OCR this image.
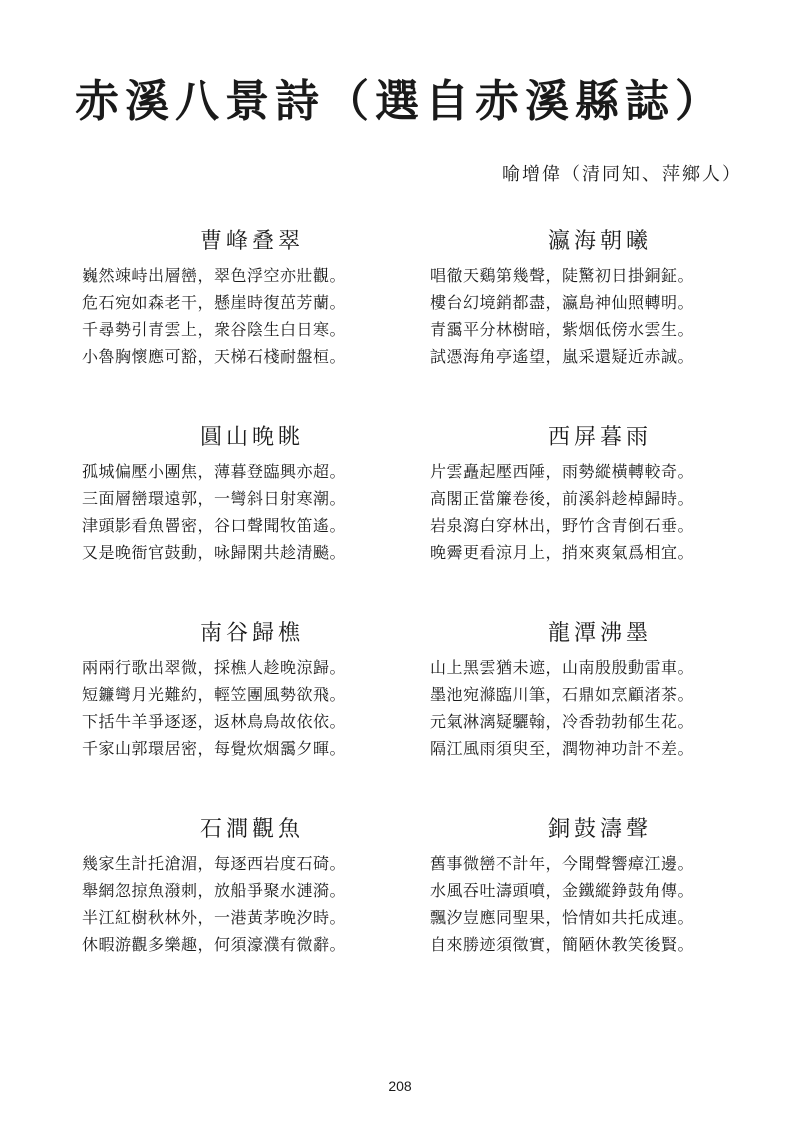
赤溪八景詩（選自赤溪縣誌）
喻增偉（清同知、萍鄉人）
曹峰叠翠
巍然竦峙出層巒，翠色浮空亦壯觀。
危石宛如森老干，懸崖時復茁芳蘭。
千尋勢引青雲上，衆谷陰生白日寒。
小魯胸懷應可豁，天梯石棧耐盤桓。
瀛海朝曦
唱徹天鷄第幾聲，陡驚初日掛銅鉦。
樓台幻境銷都盡，瀛島神仙照轉明。
青靄平分林樹暗，紫烟低傍水雲生。
試憑海角亭遙望，嵐采還疑近赤誠。
圓山晚眺
孤城偏壓小團焦，薄暮登臨興亦超。
三面層巒環遠郭，一彎斜日射寒潮。
津頭影看魚罾密，谷口聲聞牧笛遙。
又是晚衙官鼓動，咏歸閑共趁清飈。
西屏暮雨
片雲矗起壓西陲，雨勢縱橫轉較奇。
高閣正當簾卷後，前溪斜趁棹歸時。
岩泉瀉白穿林出，野竹含青倒石垂。
晚霽更看涼月上，捎來爽氣爲相宜。
南谷歸樵
兩兩行歌出翠微，採樵人趁晚涼歸。
短鐮彎月光難約，輕笠團風勢欲飛。
下括牛羊爭逐逐，返林鳥鳥故依依。
千家山郭環居密，每覺炊烟靄夕暉。
龍潭沸墨
山上黑雲猶未遮，山南殷殷動雷車。
墨池宛滌臨川筆，石鼎如烹顧渚茶。
元氣淋漓疑驪翰，冷香勃勃郁生花。
隔江風雨須臾至，潤物神功計不差。
石澗觀魚
幾家生計托滄湄，每逐西岩度石碕。
舉網忽掠魚潑刺，放船爭聚水漣漪。
半江紅樹秋林外，一港黃茅晚汐時。
休暇游觀多樂趣，何須濠濮有微辭。
銅鼓濤聲
舊事微巒不計年，今聞聲響瘴江邊。
水風吞吐濤頭噴，金鐵縱錚鼓角傳。
飄汐豈應同聖果，恰情如共托成連。
自來勝迹須徵實，簡陋休教笑後賢。
208
